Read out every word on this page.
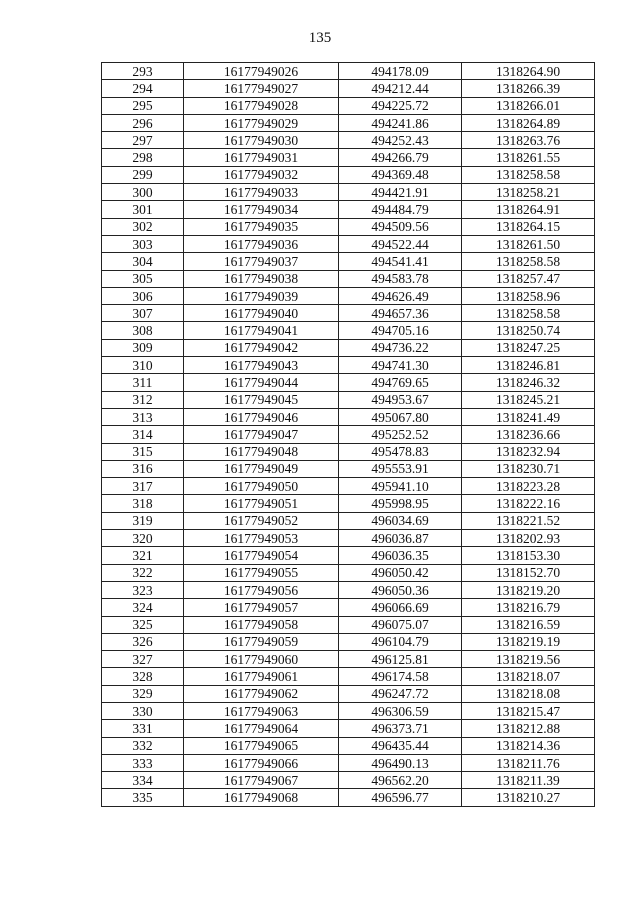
135
293	16177949026	494178.09	1318264.90
294	16177949027	494212.44	1318266.39
295	16177949028	494225.72	1318266.01
296	16177949029	494241.86	1318264.89
297	16177949030	494252.43	1318263.76
298	16177949031	494266.79	1318261.55
299	16177949032	494369.48	1318258.58
300	16177949033	494421.91	1318258.21
301	16177949034	494484.79	1318264.91
302	16177949035	494509.56	1318264.15
303	16177949036	494522.44	1318261.50
304	16177949037	494541.41	1318258.58
305	16177949038	494583.78	1318257.47
306	16177949039	494626.49	1318258.96
307	16177949040	494657.36	1318258.58
308	16177949041	494705.16	1318250.74
309	16177949042	494736.22	1318247.25
310	16177949043	494741.30	1318246.81
311	16177949044	494769.65	1318246.32
312	16177949045	494953.67	1318245.21
313	16177949046	495067.80	1318241.49
314	16177949047	495252.52	1318236.66
315	16177949048	495478.83	1318232.94
316	16177949049	495553.91	1318230.71
317	16177949050	495941.10	1318223.28
318	16177949051	495998.95	1318222.16
319	16177949052	496034.69	1318221.52
320	16177949053	496036.87	1318202.93
321	16177949054	496036.35	1318153.30
322	16177949055	496050.42	1318152.70
323	16177949056	496050.36	1318219.20
324	16177949057	496066.69	1318216.79
325	16177949058	496075.07	1318216.59
326	16177949059	496104.79	1318219.19
327	16177949060	496125.81	1318219.56
328	16177949061	496174.58	1318218.07
329	16177949062	496247.72	1318218.08
330	16177949063	496306.59	1318215.47
331	16177949064	496373.71	1318212.88
332	16177949065	496435.44	1318214.36
333	16177949066	496490.13	1318211.76
334	16177949067	496562.20	1318211.39
335	16177949068	496596.77	1318210.27
